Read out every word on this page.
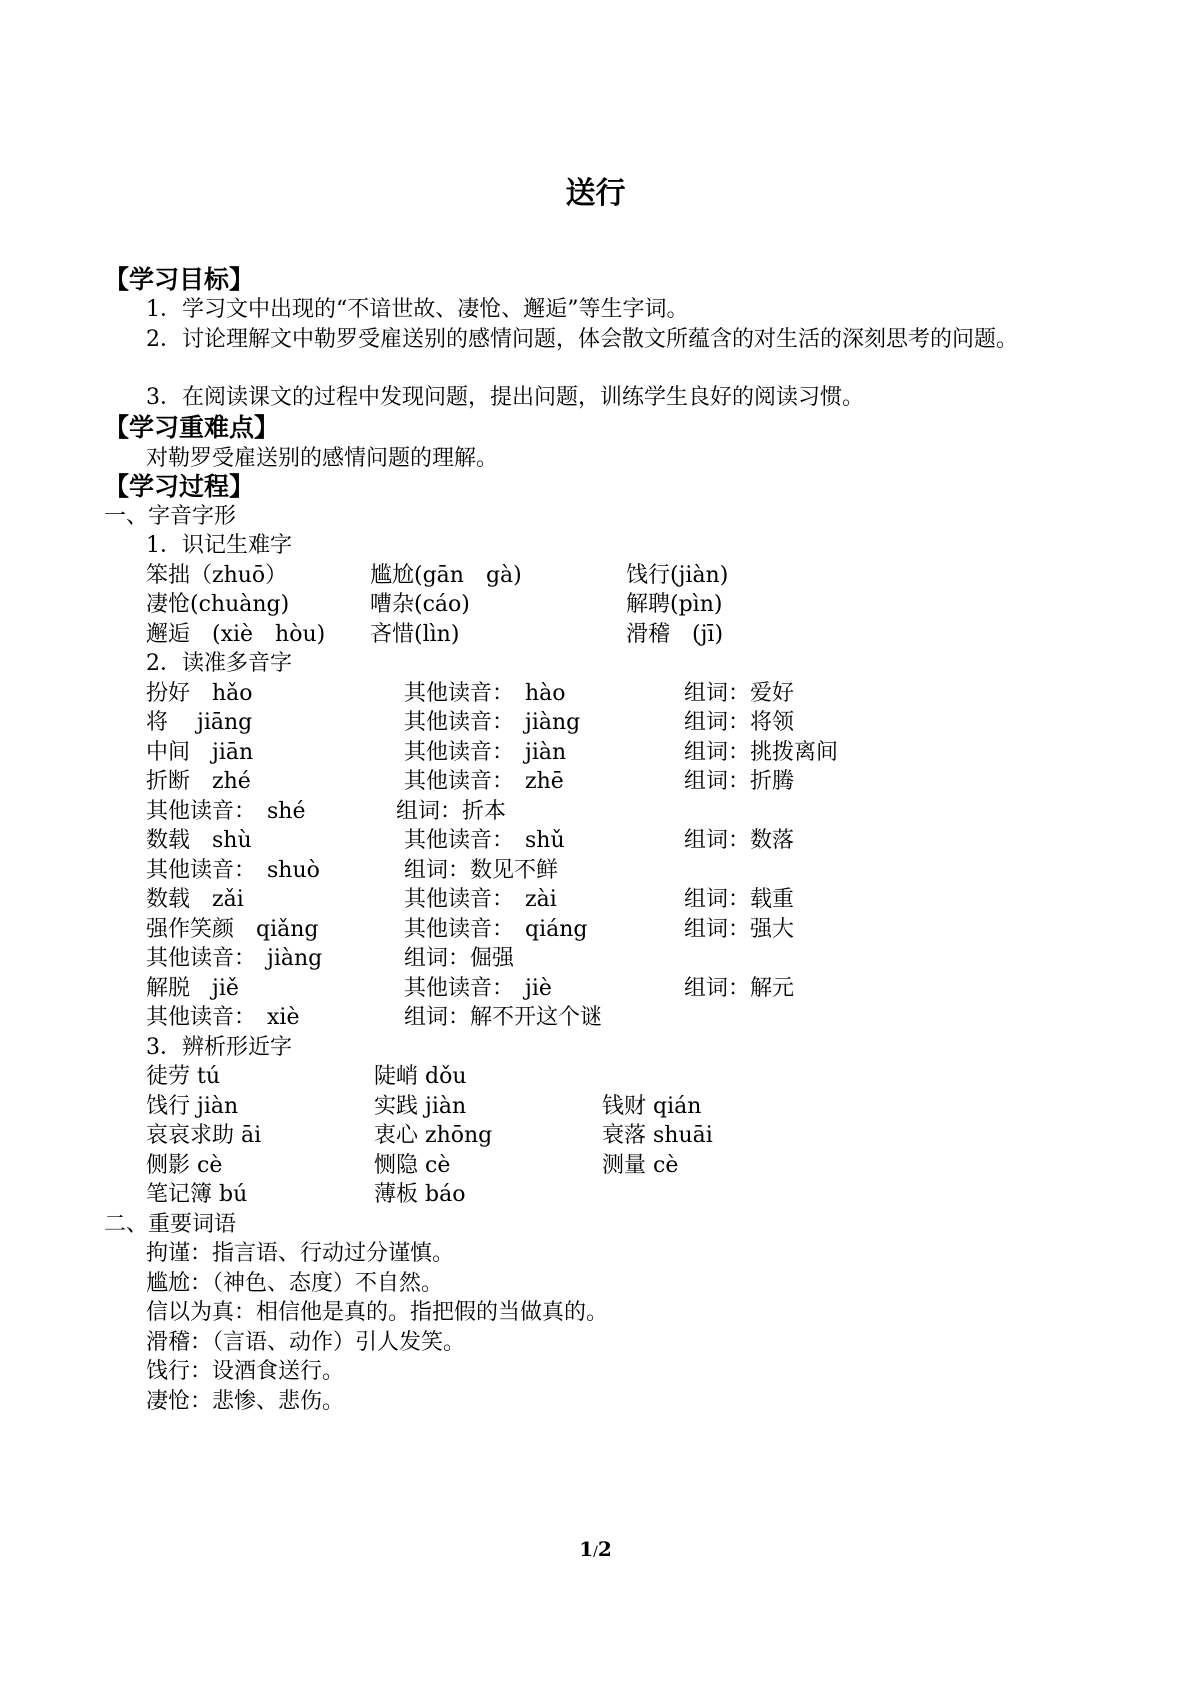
送行
【学习目标】
1．学习文中出现的“不谙世故、凄怆、邂逅”等生字词。
2．讨论理解文中勒罗受雇送别的感情问题，体会散文所蕴含的对生活的深刻思考的问题。
3．在阅读课文的过程中发现问题，提出问题，训练学生良好的阅读习惯。
【学习重难点】
对勒罗受雇送别的感情问题的理解。
【学习过程】
一、字音字形
1．识记生难字
笨拙（zhuō）	尴尬(gān　gà)	饯行(jiàn)
凄怆(chuàng)	嘈杂(cáo)	解聘(pìn)
邂逅　(xiè　hòu) 吝惜(lìn)	滑稽　(jī)
2．读准多音字
扮好　hǎo	其他读音：　hào	组词：爱好
将　 jiāng	其他读音：　jiàng	组词：将领
中间　jiān	其他读音：　jiàn	组词：挑拨离间
折断　zhé	其他读音：　zhē	组词：折腾
其他读音：　shé	组词：折本
数载　shù	其他读音：　shǔ	组词：数落
其他读音：　shuò	组词：数见不鲜
数载　zǎi	其他读音：　zài	组词：载重
强作笑颜　qiǎng	其他读音：　qiáng	组词：强大
其他读音：　jiàng	组词：倔强
解脱　jiě	其他读音：　jiè	组词：解元
其他读音：　xiè	组词：解不开这个谜
3．辨析形近字
徒劳 tú	陡峭 dǒu
饯行 jiàn	实践 jiàn	钱财 qián
哀哀求助 āi	衷心 zhōng	衰落 shuāi
侧影 cè	恻隐 cè	测量 cè
笔记簿 bú	薄板 báo
二、重要词语
拘谨：指言语、行动过分谨慎。
尴尬：（神色、态度）不自然。
信以为真：相信他是真的。指把假的当做真的。
滑稽：（言语、动作）引人发笑。
饯行：设酒食送行。
凄怆：悲惨、悲伤。
1/2
